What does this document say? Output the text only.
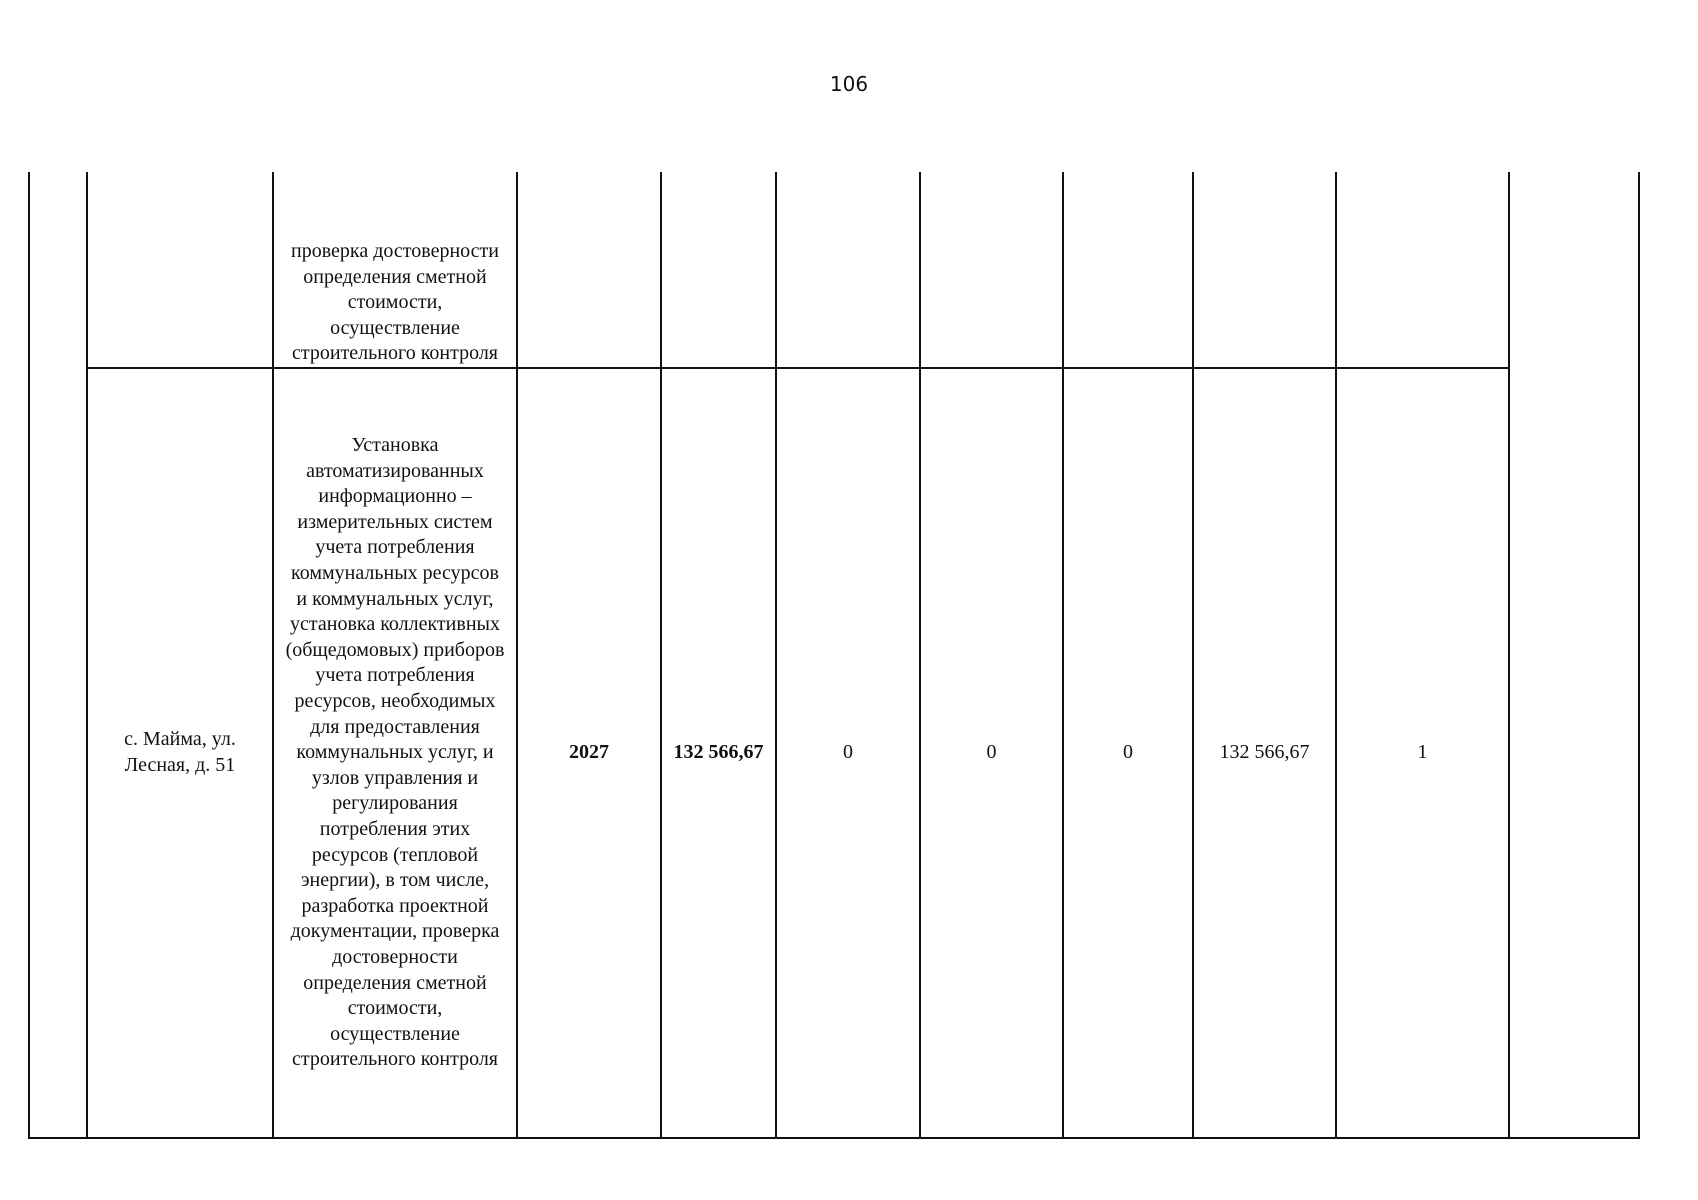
106
		проверка достоверности определения сметной стоимости, осуществление строительного контроля								
	с. Майма, ул. Лесная, д. 51	Установка автоматизированных информационно – измерительных систем учета потребления коммунальных ресурсов и коммунальных услуг, установка коллективных (общедомовых) приборов учета потребления ресурсов, необходимых для предоставления коммунальных услуг, и узлов управления и регулирования потребления этих ресурсов (тепловой энергии), в том числе, разработка проектной документации, проверка достоверности определения сметной стоимости, осуществление строительного контроля	2027	132 566,67	0	0	0	132 566,67	1	
